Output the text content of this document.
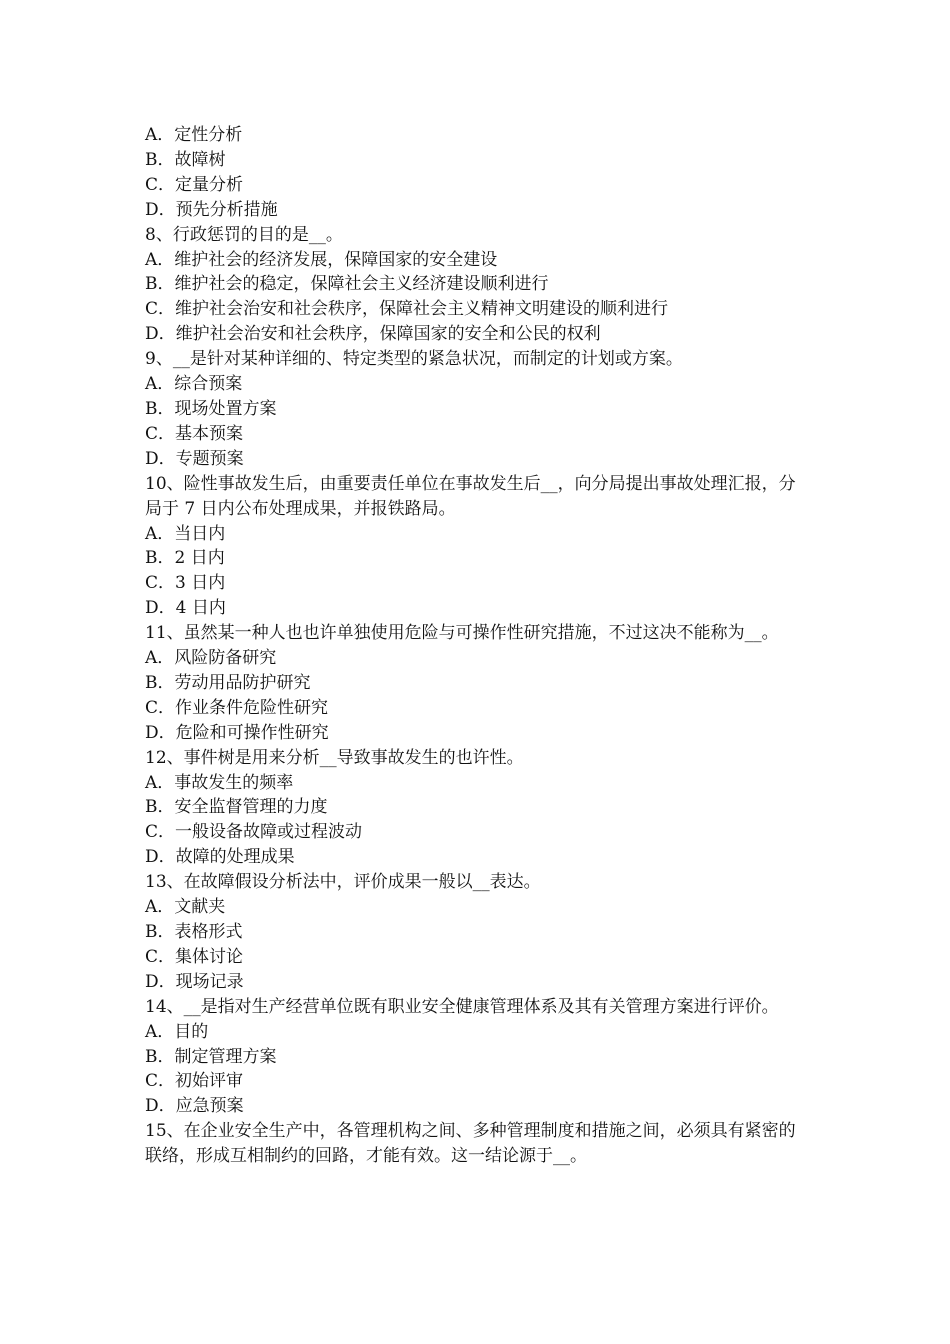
A．定性分析
B．故障树
C．定量分析
D．预先分析措施
8、行政惩罚的目的是__。
A．维护社会的经济发展，保障国家的安全建设
B．维护社会的稳定，保障社会主义经济建设顺利进行
C．维护社会治安和社会秩序，保障社会主义精神文明建设的顺利进行
D．维护社会治安和社会秩序，保障国家的安全和公民的权利
9、__是针对某种详细的、特定类型的紧急状况，而制定的计划或方案。
A．综合预案
B．现场处置方案
C．基本预案
D．专题预案
10、险性事故发生后，由重要责任单位在事故发生后__，向分局提出事故处理汇报，分局于 7 日内公布处理成果，并报铁路局。
A．当日内
B．2 日内
C．3 日内
D．4 日内
11、虽然某一种人也也许单独使用危险与可操作性研究措施，不过这决不能称为__。
A．风险防备研究
B．劳动用品防护研究
C．作业条件危险性研究
D．危险和可操作性研究
12、事件树是用来分析__导致事故发生的也许性。
A．事故发生的频率
B．安全监督管理的力度
C．一般设备故障或过程波动
D．故障的处理成果
13、在故障假设分析法中，评价成果一般以__表达。
A．文献夹
B．表格形式
C．集体讨论
D．现场记录
14、__是指对生产经营单位既有职业安全健康管理体系及其有关管理方案进行评价。
A．目的
B．制定管理方案
C．初始评审
D．应急预案
15、在企业安全生产中，各管理机构之间、多种管理制度和措施之间，必须具有紧密的联络，形成互相制约的回路，才能有效。这一结论源于__。
